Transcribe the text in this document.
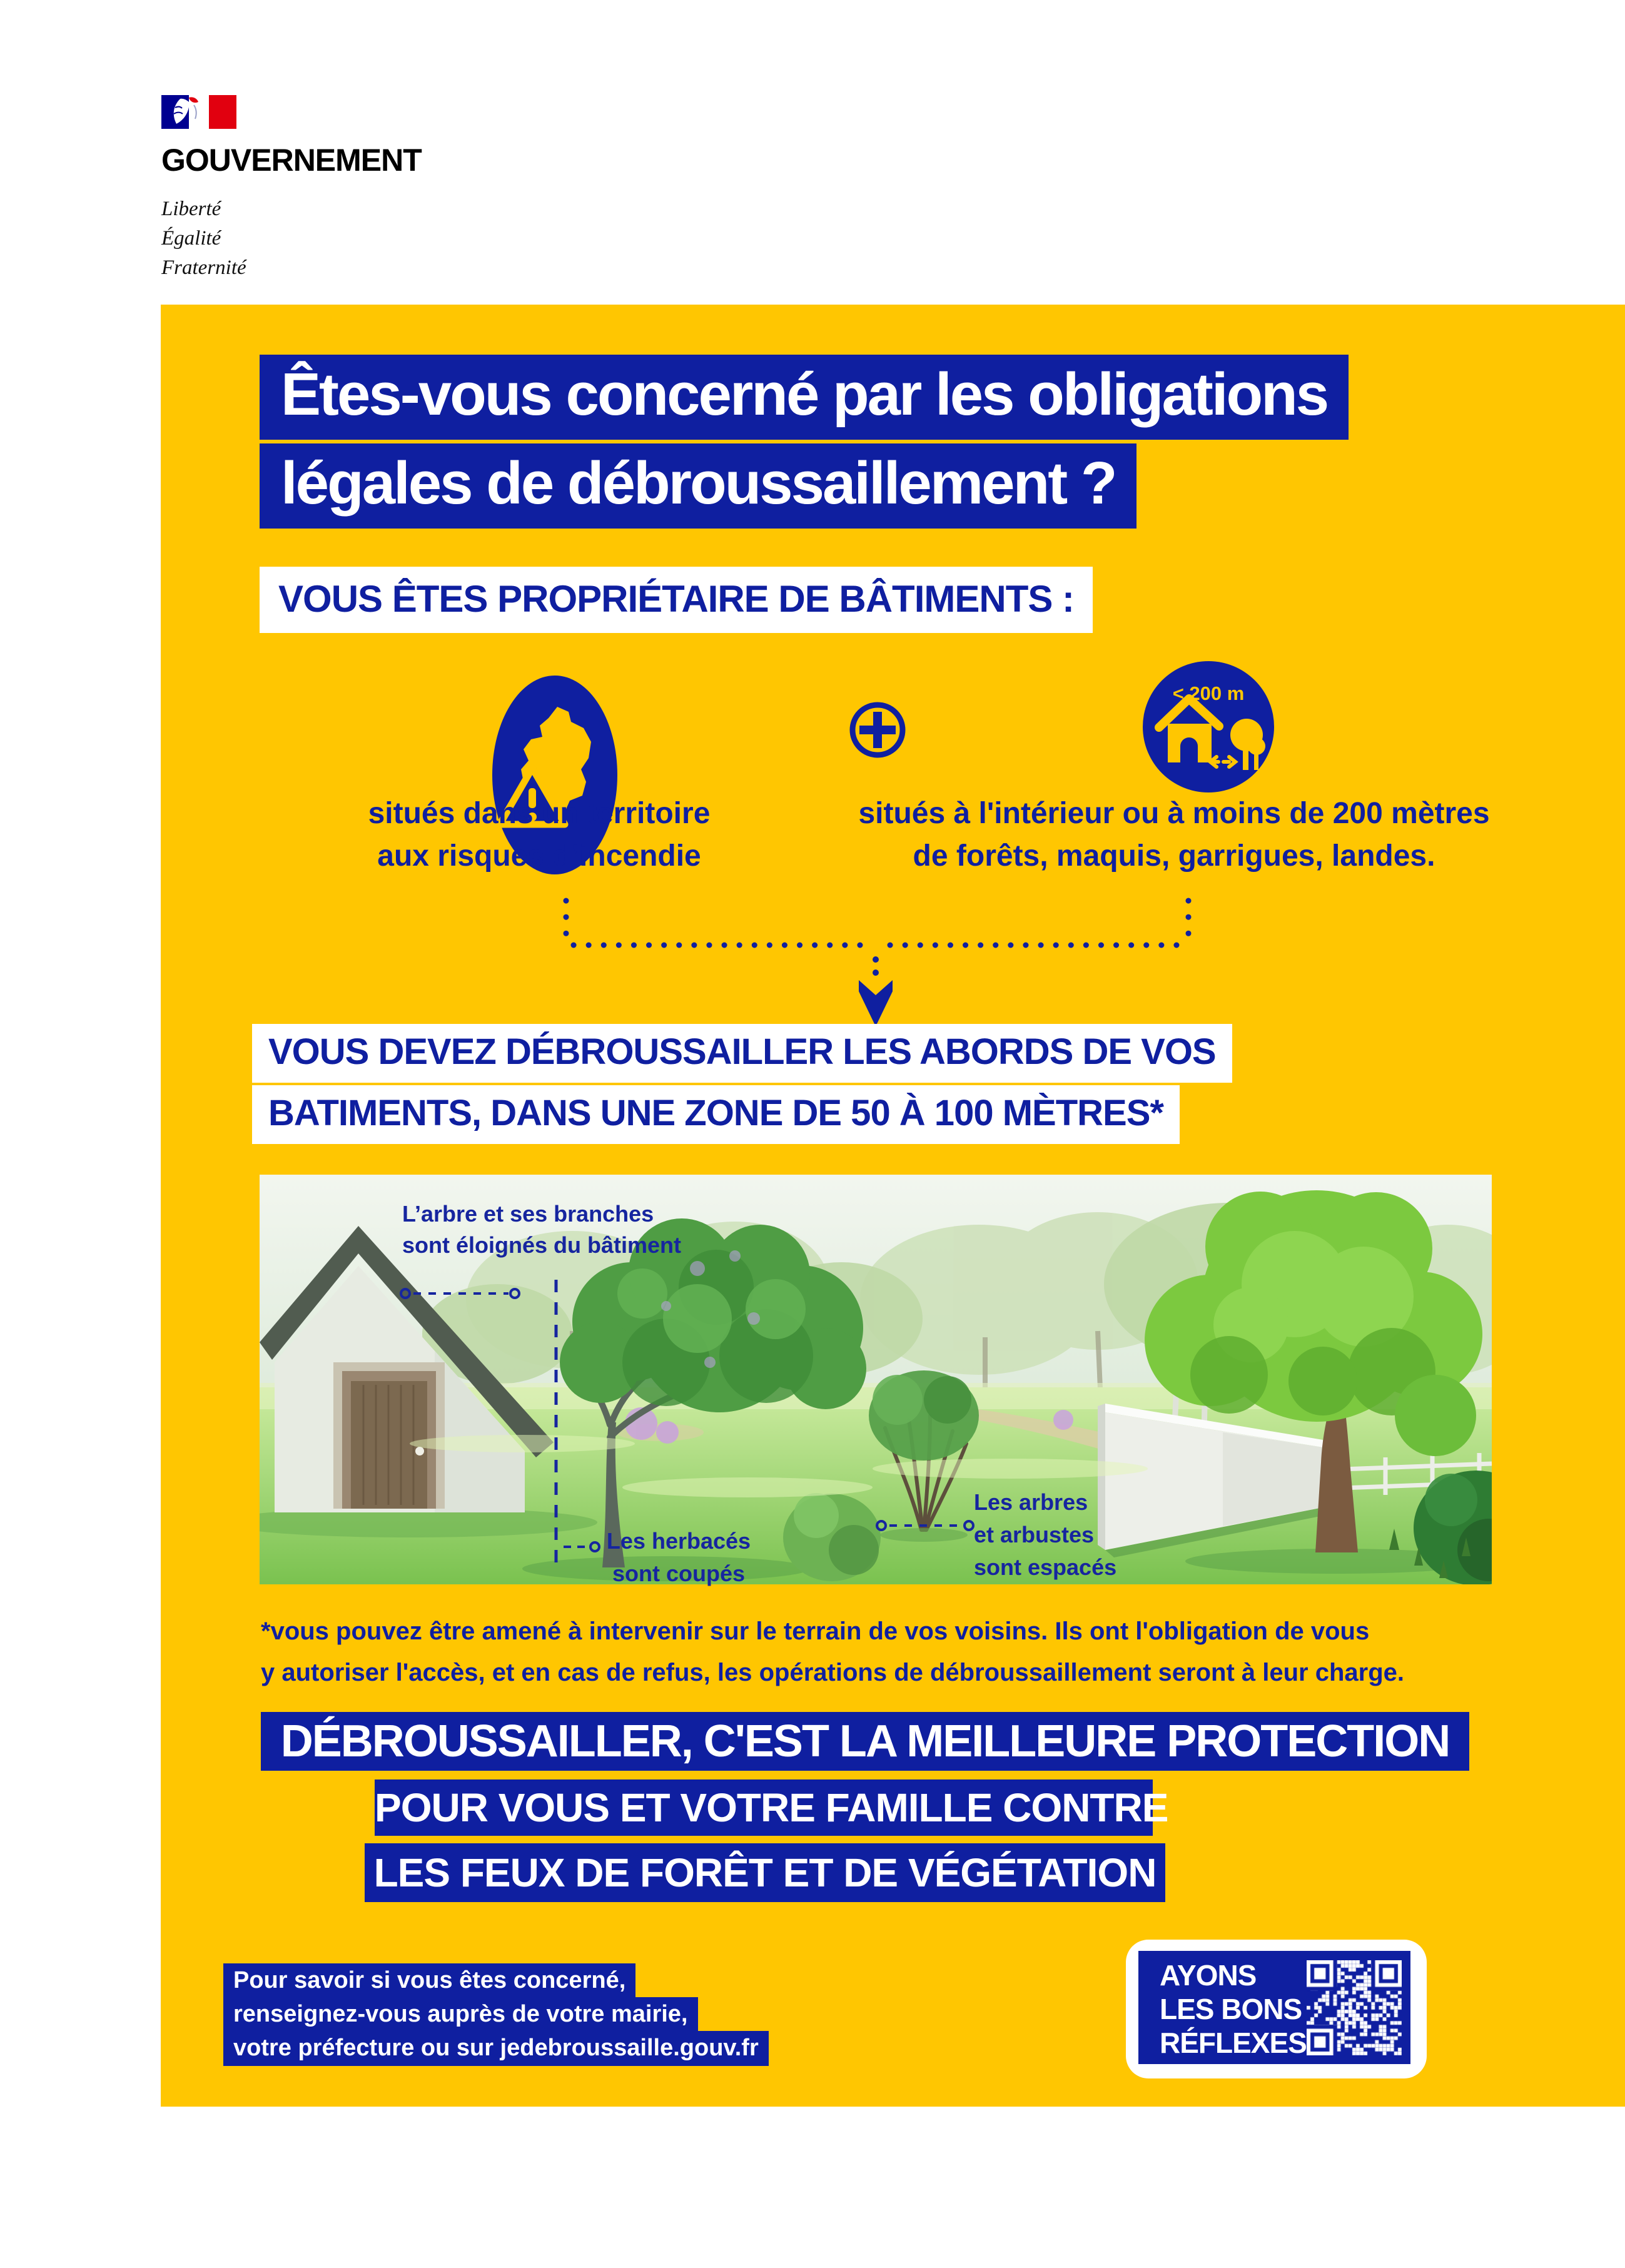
GOUVERNEMENT
Liberté
Égalité
Fraternité
Êtes-vous concerné par les obligations
légales de débroussaillement ?
VOUS ÊTES PROPRIÉTAIRE DE BÂTIMENTS :
< 200 m
situés dans un territoire
aux risques d’incendie
situés à l'intérieur ou à moins de 200 mètres
de forêts, maquis, garrigues, landes.
VOUS DEVEZ DÉBROUSSAILLER LES ABORDS DE VOS
BATIMENTS, DANS UNE ZONE DE 50 À 100 MÈTRES*
L’arbre et ses branches
sont éloignés du bâtiment
Les herbacés
sont coupés
Les arbres
et arbustes
sont espacés
*vous pouvez être amené à intervenir sur le terrain de vos voisins. Ils ont l'obligation de vous
y autoriser l'accès, et en cas de refus, les opérations de débroussaillement seront à leur charge.
DÉBROUSSAILLER, C'EST LA MEILLEURE PROTECTION
POUR VOUS ET VOTRE FAMILLE CONTRE
LES FEUX DE FORÊT ET DE VÉGÉTATION
Pour savoir si vous êtes concerné,
renseignez-vous auprès de votre mairie,
votre préfecture ou sur jedebroussaille.gouv.fr
AYONS
LES BONS
RÉFLEXES
